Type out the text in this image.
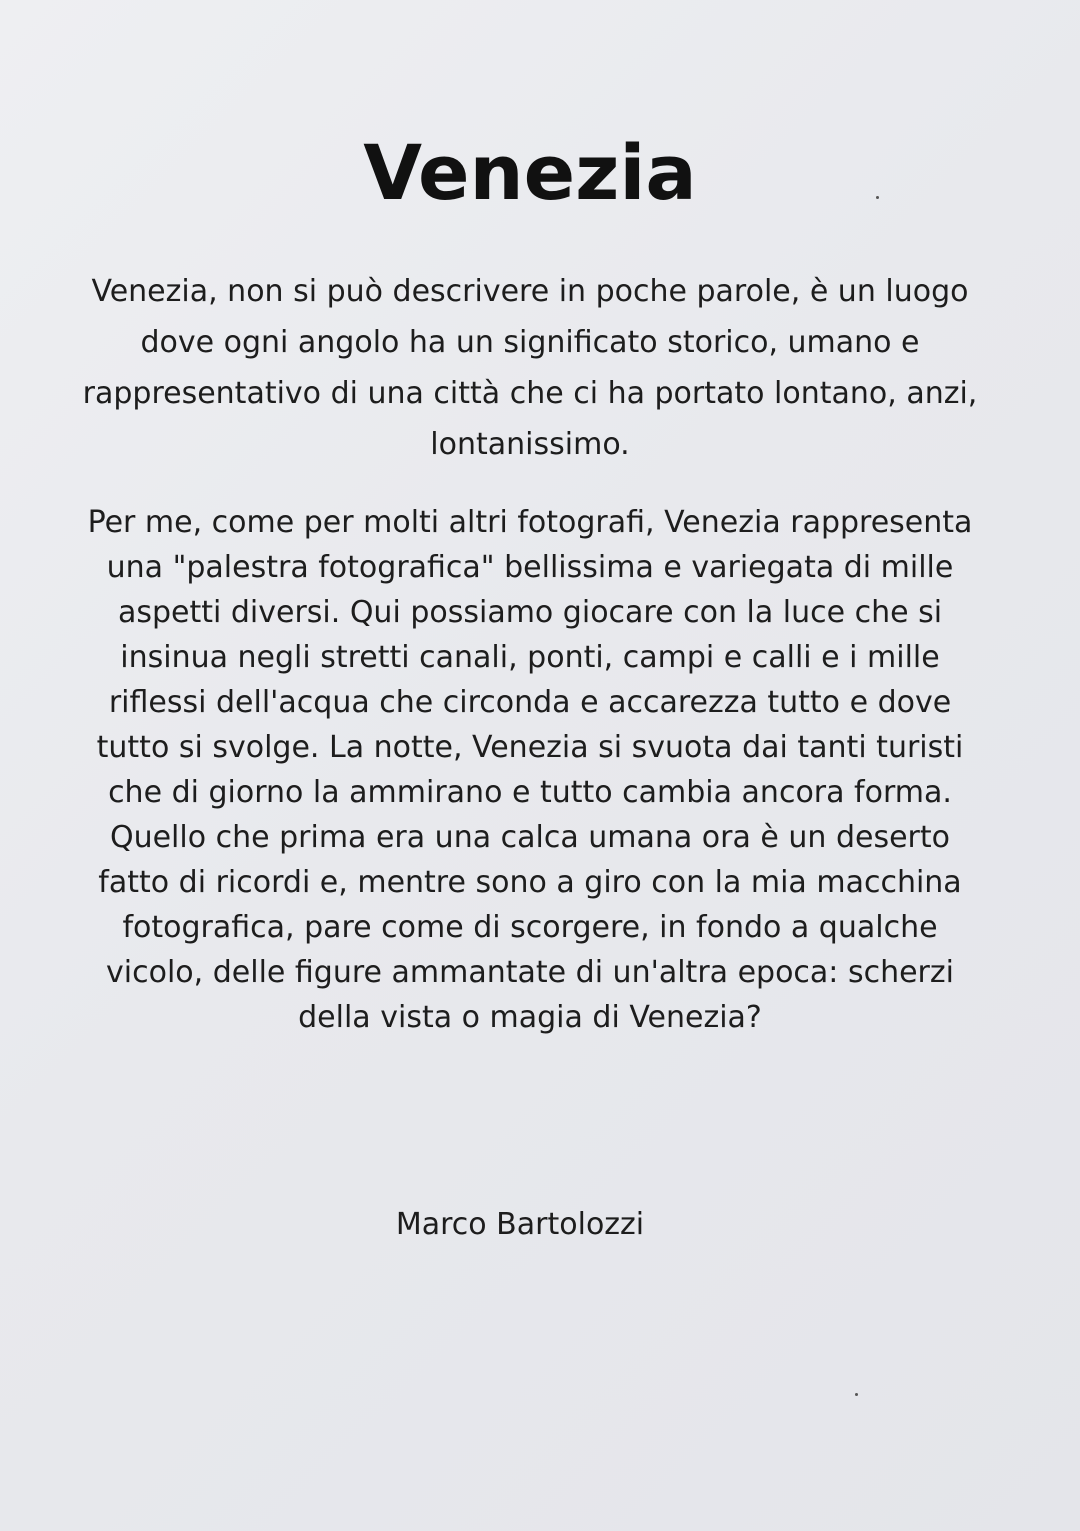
Venezia

Venezia, non si può descrivere in poche parole, è un luogo
dove ogni angolo ha un significato storico, umano e
rappresentativo di una città che ci ha portato lontano, anzi,
lontanissimo.

Per me, come per molti altri fotografi, Venezia rappresenta
una "palestra fotografica" bellissima e variegata di mille
aspetti diversi. Qui possiamo giocare con la luce che si
insinua negli stretti canali, ponti, campi e calli e i mille
riflessi dell'acqua che circonda e accarezza tutto e dove
tutto si svolge. La notte, Venezia si svuota dai tanti turisti
che di giorno la ammirano e tutto cambia ancora forma.
Quello che prima era una calca umana ora è un deserto
fatto di ricordi e, mentre sono a giro con la mia macchina
fotografica, pare come di scorgere, in fondo a qualche
vicolo, delle figure ammantate di un'altra epoca: scherzi
della vista o magia di Venezia?

Marco Bartolozzi
